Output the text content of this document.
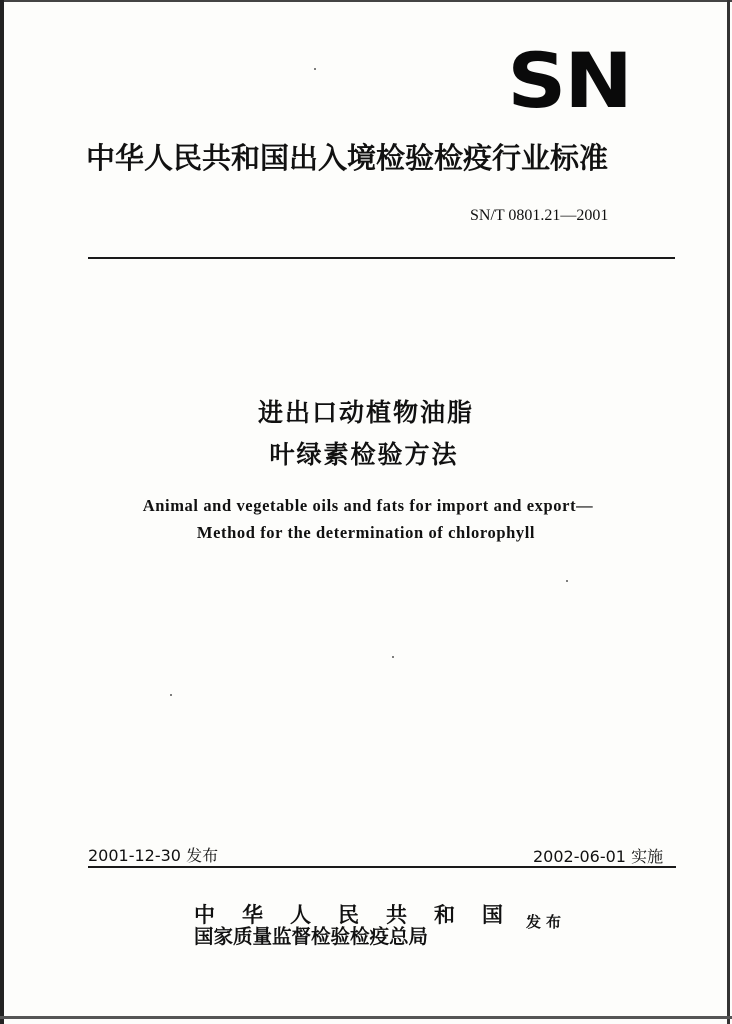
SN
中华人民共和国出入境检验检疫行业标准
SN/T 0801.21—2001
进出口动植物油脂
叶绿素检验方法
Animal and vegetable oils and fats for import and export—
Method for the determination of chlorophyll
2001-12-30 发布	2002-06-01 实施
中华人民共和国
国家质量监督检验检疫总局
发布
